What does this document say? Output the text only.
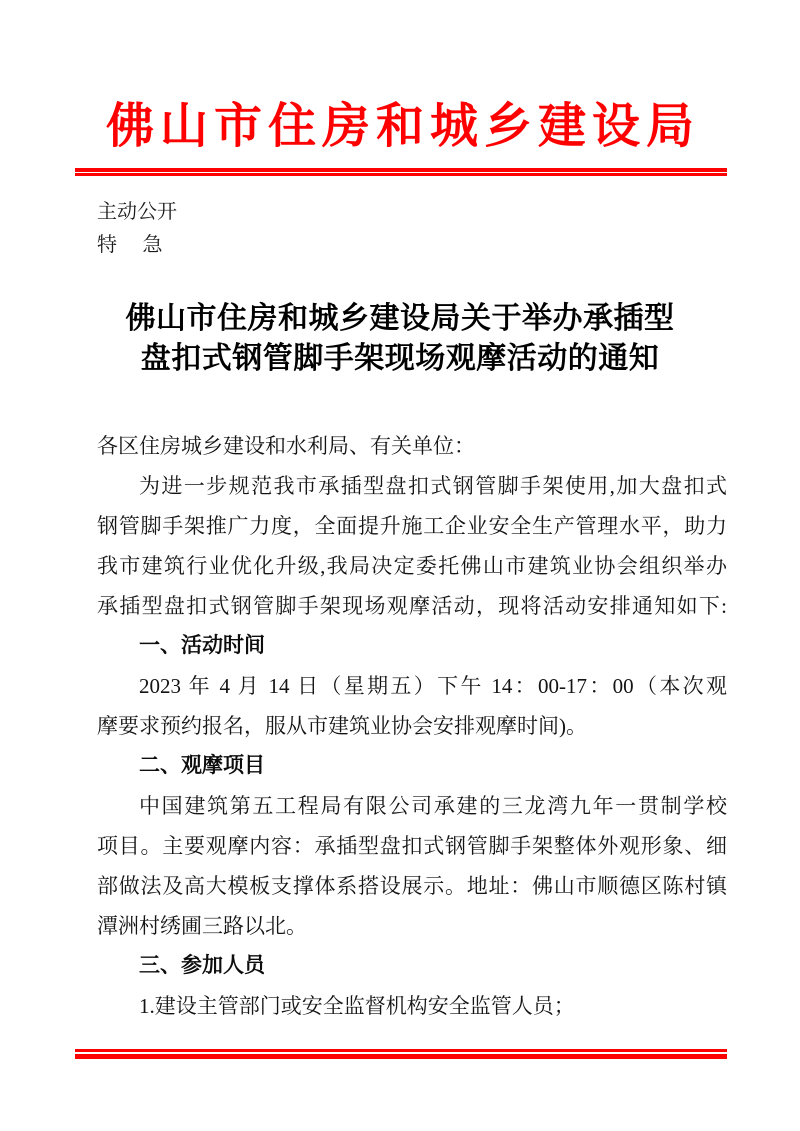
佛山市住房和城乡建设局
主动公开
特　 急
佛山市住房和城乡建设局关于举办承插型
盘扣式钢管脚手架现场观摩活动的通知
各区住房城乡建设和水利局、有关单位：
为进一步规范我市承插型盘扣式钢管脚手架使用,加大盘扣式
钢管脚手架推广力度，全面提升施工企业安全生产管理水平，助力
我市建筑行业优化升级,我局决定委托佛山市建筑业协会组织举办
承插型盘扣式钢管脚手架现场观摩活动，现将活动安排通知如下:
一、活动时间
2023 年 4 月 14 日（星期五）下午 14：00-17：00（本次观
摩要求预约报名，服从市建筑业协会安排观摩时间)。
二、观摩项目
中国建筑第五工程局有限公司承建的三龙湾九年一贯制学校
项目。主要观摩内容：承插型盘扣式钢管脚手架整体外观形象、细
部做法及高大模板支撑体系搭设展示。地址：佛山市顺德区陈村镇
潭洲村绣圃三路以北。
三、参加人员
1.建设主管部门或安全监督机构安全监管人员；
